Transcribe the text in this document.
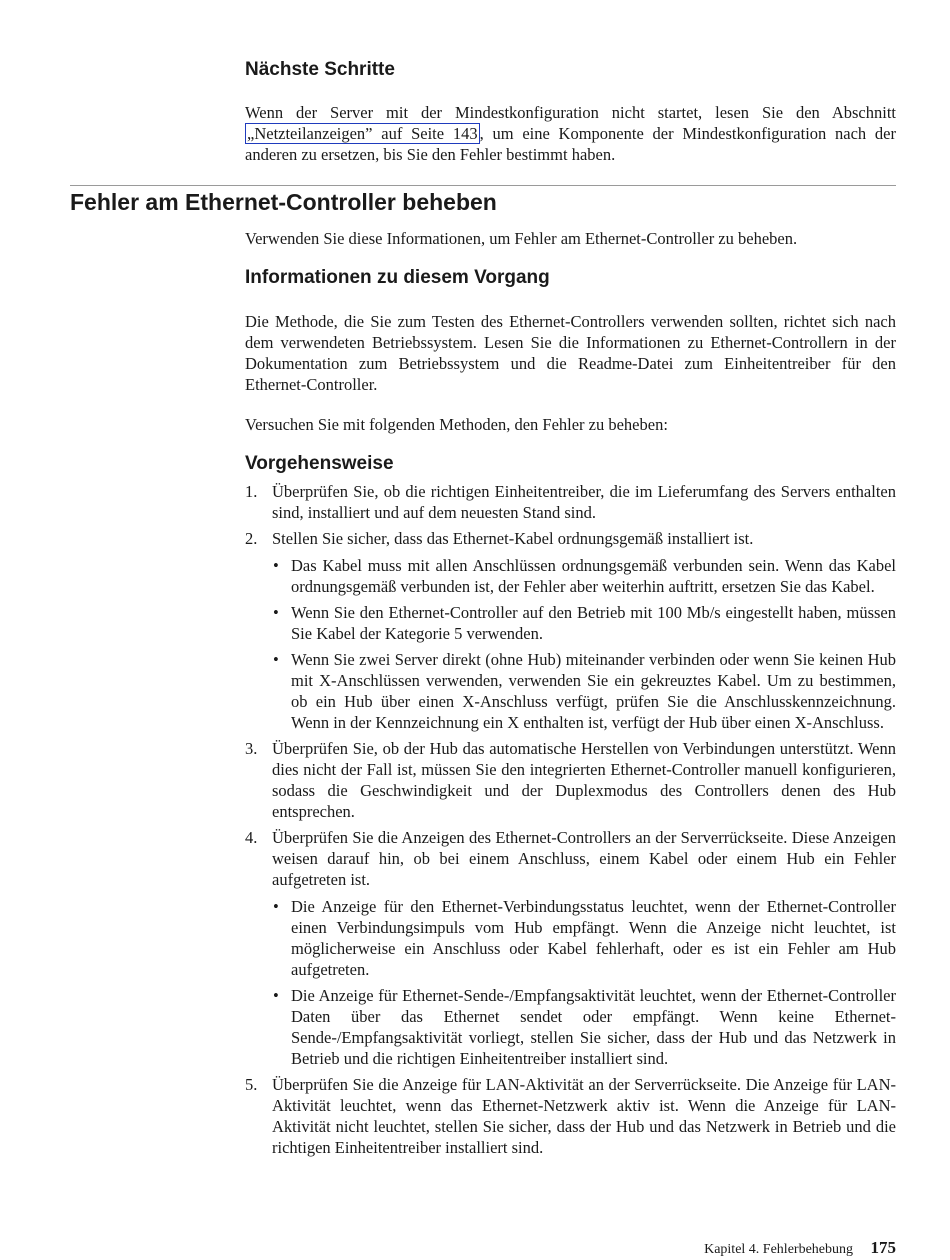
Nächste Schritte

Wenn der Server mit der Mindestkonfiguration nicht startet, lesen Sie den Abschnitt „Netzteilanzeigen” auf Seite 143 , um eine Komponente der Mindestkonfiguration nach der anderen zu ersetzen, bis Sie den Fehler bestimmt haben.

Fehler am Ethernet-Controller beheben

Verwenden Sie diese Informationen, um Fehler am Ethernet-Controller zu beheben.

Informationen zu diesem Vorgang

Die Methode, die Sie zum Testen des Ethernet-Controllers verwenden sollten, richtet sich nach dem verwendeten Betriebssystem. Lesen Sie die Informationen zu Ethernet-Controllern in der Dokumentation zum Betriebssystem und die Readme-Datei zum Einheitentreiber für den Ethernet-Controller.

Versuchen Sie mit folgenden Methoden, den Fehler zu beheben:

Vorgehensweise
1. Überprüfen Sie, ob die richtigen Einheitentreiber, die im Lieferumfang des Servers enthalten sind, installiert und auf dem neuesten Stand sind.
2. Stellen Sie sicher, dass das Ethernet-Kabel ordnungsgemäß installiert ist.
• Das Kabel muss mit allen Anschlüssen ordnungsgemäß verbunden sein. Wenn das Kabel ordnungsgemäß verbunden ist, der Fehler aber weiterhin auftritt, ersetzen Sie das Kabel.
• Wenn Sie den Ethernet-Controller auf den Betrieb mit 100 Mb/s eingestellt haben, müssen Sie Kabel der Kategorie 5 verwenden.
• Wenn Sie zwei Server direkt (ohne Hub) miteinander verbinden oder wenn Sie keinen Hub mit X-Anschlüssen verwenden, verwenden Sie ein gekreuztes Kabel. Um zu bestimmen, ob ein Hub über einen X-Anschluss verfügt, prüfen Sie die Anschlusskennzeichnung. Wenn in der Kennzeichnung ein X enthalten ist, verfügt der Hub über einen X-Anschluss.
3. Überprüfen Sie, ob der Hub das automatische Herstellen von Verbindungen unterstützt. Wenn dies nicht der Fall ist, müssen Sie den integrierten Ethernet-Controller manuell konfigurieren, sodass die Geschwindigkeit und der Duplexmodus des Controllers denen des Hub entsprechen.
4. Überprüfen Sie die Anzeigen des Ethernet-Controllers an der Serverrückseite. Diese Anzeigen weisen darauf hin, ob bei einem Anschluss, einem Kabel oder einem Hub ein Fehler aufgetreten ist.
• Die Anzeige für den Ethernet-Verbindungsstatus leuchtet, wenn der Ethernet-Controller einen Verbindungsimpuls vom Hub empfängt. Wenn die Anzeige nicht leuchtet, ist möglicherweise ein Anschluss oder Kabel fehlerhaft, oder es ist ein Fehler am Hub aufgetreten.
• Die Anzeige für Ethernet-Sende-/Empfangsaktivität leuchtet, wenn der Ethernet-Controller Daten über das Ethernet sendet oder empfängt. Wenn keine Ethernet-Sende-/Empfangsaktivität vorliegt, stellen Sie sicher, dass der Hub und das Netzwerk in Betrieb und die richtigen Einheitentreiber installiert sind.
5. Überprüfen Sie die Anzeige für LAN-Aktivität an der Serverrückseite. Die Anzeige für LAN-Aktivität leuchtet, wenn das Ethernet-Netzwerk aktiv ist. Wenn die Anzeige für LAN-Aktivität nicht leuchtet, stellen Sie sicher, dass der Hub und das Netzwerk in Betrieb und die richtigen Einheitentreiber installiert sind.
Kapitel 4. Fehlerbehebung 175
